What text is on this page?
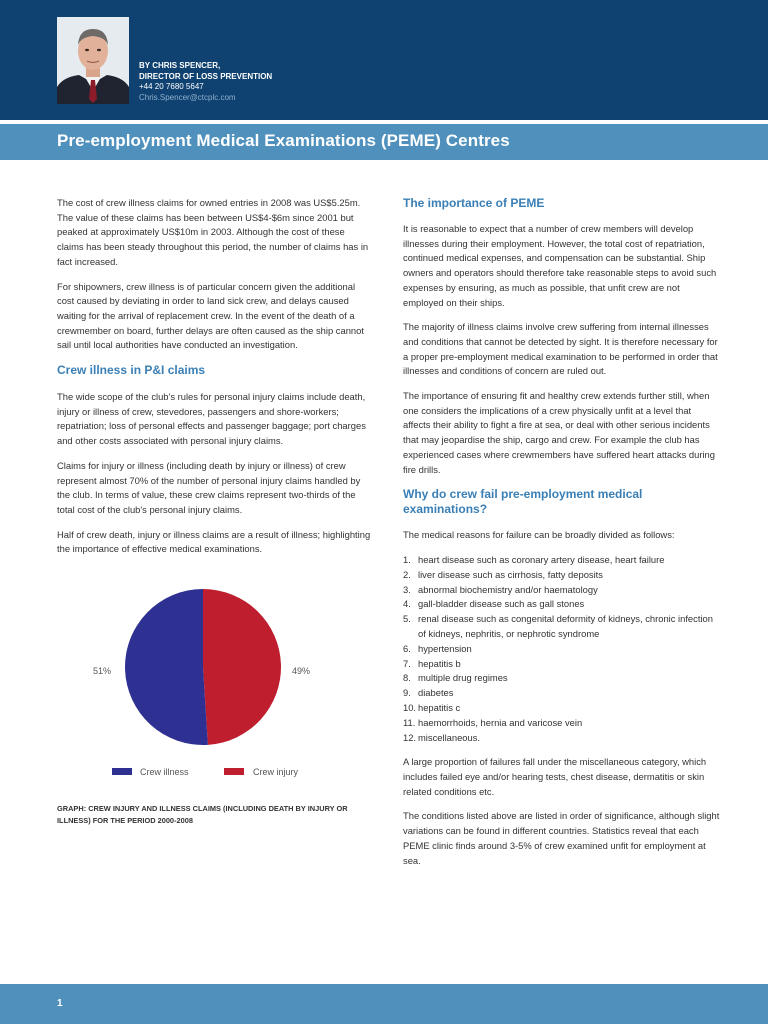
BY CHRIS SPENCER,
DIRECTOR OF LOSS PREVENTION
+44 20 7680 5647
Chris.Spencer@ctcplc.com
Pre-employment Medical Examinations (PEME) Centres

The cost of crew illness claims for owned entries in 2008 was US$5.25m. The value of these claims has been between US$4-$6m since 2001 but peaked at approximately US$10m in 2003. Although the cost of these claims has been steady throughout this period, the number of claims has in fact increased.

For shipowners, crew illness is of particular concern given the additional cost caused by deviating in order to land sick crew, and delays caused waiting for the arrival of replacement crew. In the event of the death of a crewmember on board, further delays are often caused as the ship cannot sail until local authorities have conducted an investigation.

Crew illness in P&I claims

The wide scope of the club's rules for personal injury claims include death, injury or illness of crew, stevedores, passengers and shore-workers; repatriation; loss of personal effects and passenger baggage; port charges and other costs associated with personal injury claims.

Claims for injury or illness (including death by injury or illness) of crew represent almost 70% of the number of personal injury claims handled by the club. In terms of value, these crew claims represent two-thirds of the total cost of the club's personal injury claims.

Half of crew death, injury or illness claims are a result of illness; highlighting the importance of effective medical examinations.

51%	49%
Crew illness	Crew injury
GRAPH: CREW INJURY AND ILLNESS CLAIMS (INCLUDING DEATH BY INJURY OR ILLNESS) FOR THE PERIOD 2000-2008
The importance of PEME

It is reasonable to expect that a number of crew members will develop illnesses during their employment. However, the total cost of repatriation, continued medical expenses, and compensation can be substantial. Ship owners and operators should therefore take reasonable steps to avoid such expenses by ensuring, as much as possible, that unfit crew are not employed on their ships.

The majority of illness claims involve crew suffering from internal illnesses and conditions that cannot be detected by sight. It is therefore necessary for a proper pre-employment medical examination to be performed in order that illnesses and conditions of concern are ruled out.

The importance of ensuring fit and healthy crew extends further still, when one considers the implications of a crew physically unfit at a level that affects their ability to fight a fire at sea, or deal with other serious incidents that may jeopardise the ship, cargo and crew. For example the club has experienced cases where crewmembers have suffered heart attacks during fire drills.

Why do crew fail pre-employment medical examinations?

The medical reasons for failure can be broadly divided as follows:

1. heart disease such as coronary artery disease, heart failure
2. liver disease such as cirrhosis, fatty deposits
3. abnormal biochemistry and/or haematology
4. gall-bladder disease such as gall stones
5. renal disease such as congenital deformity of kidneys, chronic infection of kidneys, nephritis, or nephrotic syndrome
6. hypertension
7. hepatitis b
8. multiple drug regimes
9. diabetes
10. hepatitis c
11. haemorrhoids, hernia and varicose vein
12. miscellaneous.

A large proportion of failures fall under the miscellaneous category, which includes failed eye and/or hearing tests, chest disease, dermatitis or skin related conditions etc.

The conditions listed above are listed in order of significance, although slight variations can be found in different countries. Statistics reveal that each PEME clinic finds around 3-5% of crew examined unfit for employment at sea.

1
